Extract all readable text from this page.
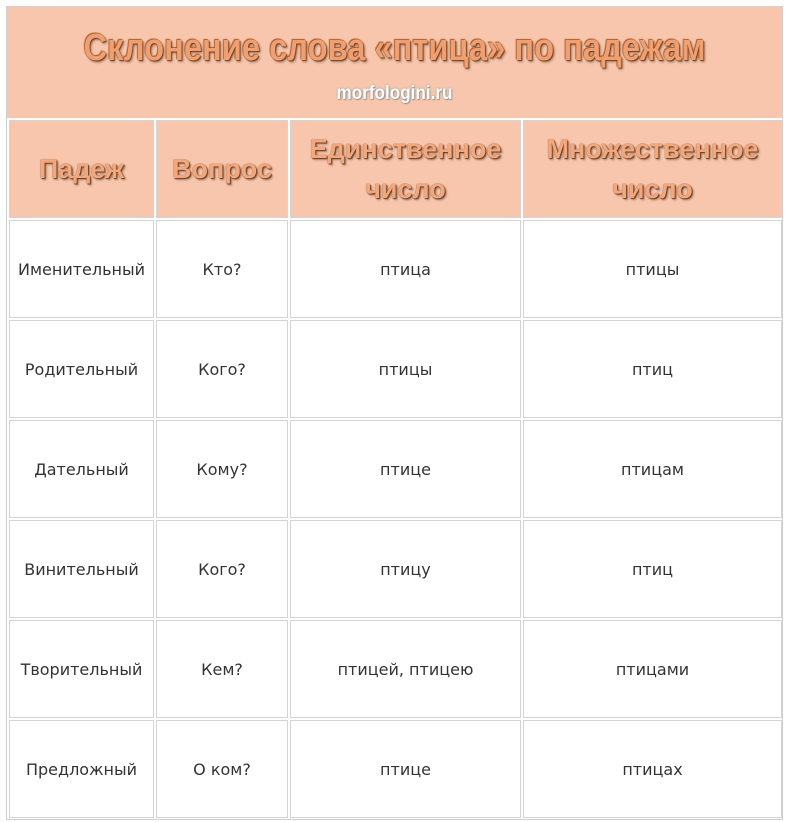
Склонение слова «птица» по падежам
morfologini.ru
Падеж	Вопрос	Единственное число	Множественное число
Именительный	Кто?	птица	птицы
Родительный	Кого?	птицы	птиц
Дательный	Кому?	птице	птицам
Винительный	Кого?	птицу	птиц
Творительный	Кем?	птицей, птицею	птицами
Предложный	О ком?	птице	птицах
